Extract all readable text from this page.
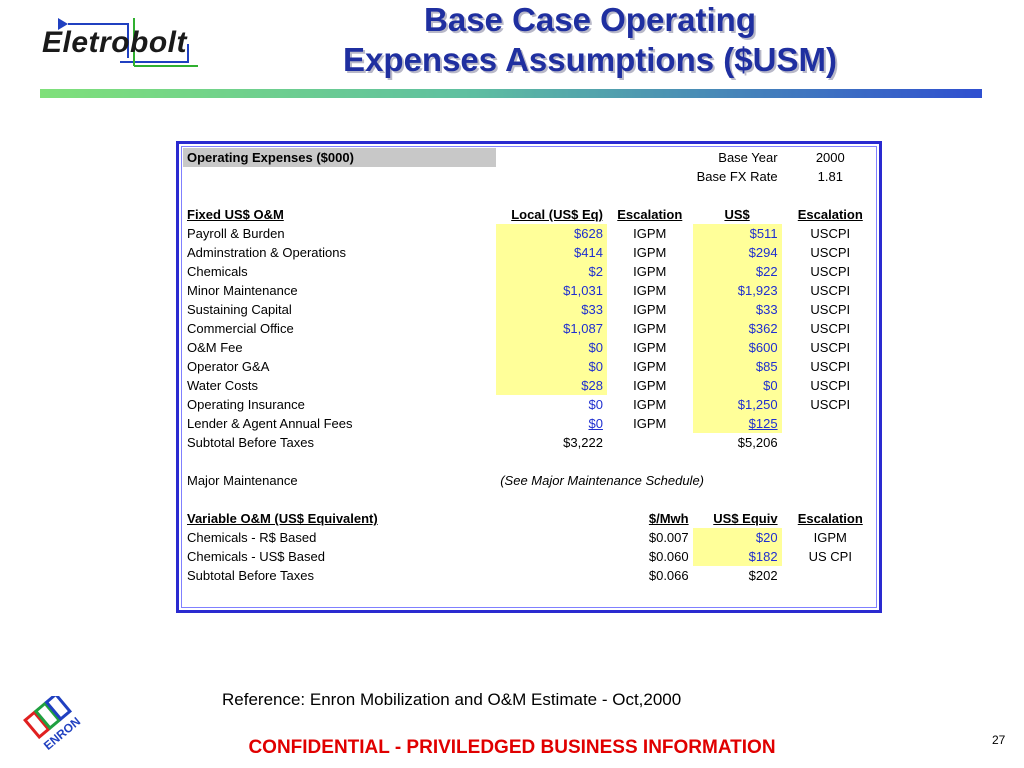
Eletrobolt
Base Case Operating
Expenses Assumptions ($USM)
Operating Expenses ($000)			Base Year	2000
			Base FX Rate	1.81

Fixed US$ O&M	Local (US$ Eq)	Escalation	US$	Escalation
Payroll & Burden	$628	IGPM	$511	USCPI
Adminstration & Operations	$414	IGPM	$294	USCPI
Chemicals	$2	IGPM	$22	USCPI
Minor Maintenance	$1,031	IGPM	$1,923	USCPI
Sustaining Capital	$33	IGPM	$33	USCPI
Commercial Office	$1,087	IGPM	$362	USCPI
O&M Fee	$0	IGPM	$600	USCPI
Operator G&A	$0	IGPM	$85	USCPI
Water Costs	$28	IGPM	$0	USCPI
Operating Insurance	$0	IGPM	$1,250	USCPI
Lender & Agent Annual Fees	$0	IGPM	$125	
Subtotal Before Taxes	$3,222		$5,206	

Major Maintenance	(See Major Maintenance Schedule)			

Variable O&M (US$ Equivalent)		$/Mwh	US$ Equiv	Escalation
Chemicals - R$ Based		$0.007	$20	IGPM
Chemicals - US$ Based		$0.060	$182	US CPI
Subtotal Before Taxes		$0.066	$202	
Reference: Enron Mobilization and O&M Estimate - Oct,2000
ENRON	CONFIDENTIAL - PRIVILEDGED BUSINESS INFORMATION	27
